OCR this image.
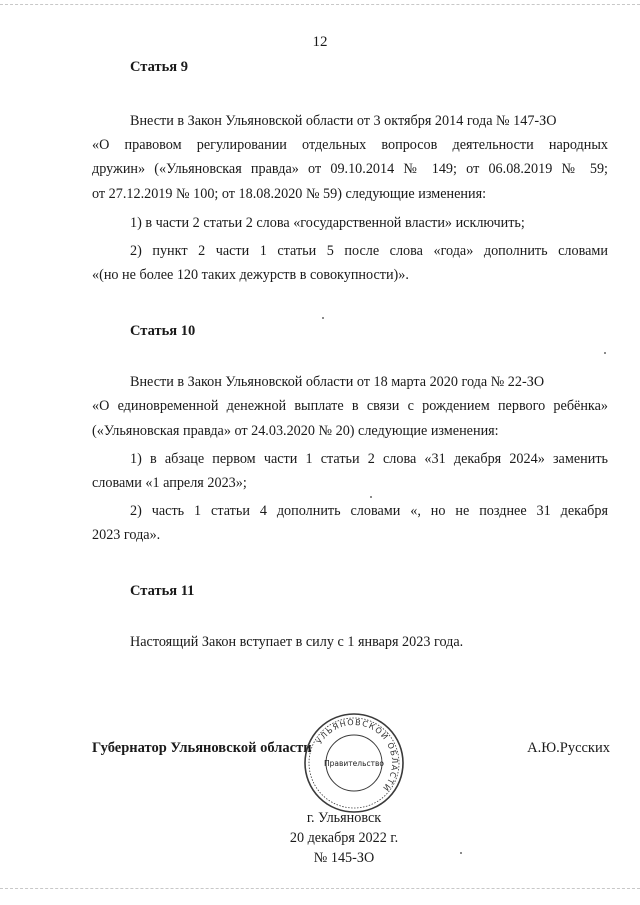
12
Статья 9
Внести в Закон Ульяновской области от 3 октября 2014 года № 147-ЗО
«О правовом регулировании отдельных вопросов деятельности народных
дружин» («Ульяновская правда» от 09.10.2014 № 149; от 06.08.2019 № 59;
от 27.12.2019 № 100; от 18.08.2020 № 59) следующие изменения:
1) в части 2 статьи 2 слова «государственной власти» исключить;
2) пункт 2 части 1 статьи 5 после слова «года» дополнить словами
«(но не более 120 таких дежурств в совокупности)».
Статья 10
Внести в Закон Ульяновской области от 18 марта 2020 года № 22-ЗО
«О единовременной денежной выплате в связи с рождением первого ребёнка»
(«Ульяновская правда» от 24.03.2020 № 20) следующие изменения:
1) в абзаце первом части 1 статьи 2 слова «31 декабря 2024» заменить
словами «1 апреля 2023»;
2) часть 1 статьи 4 дополнить словами «, но не позднее 31 декабря
2023 года».
Статья 11
Настоящий Закон вступает в силу с 1 января 2023 года.
Губернатор Ульяновской области	А.Ю.Русских
УЛЬЯНОВСКОЙ ОБЛАСТИ
Правительство
г. Ульяновск
20 декабря 2022 г.
№ 145-ЗО
